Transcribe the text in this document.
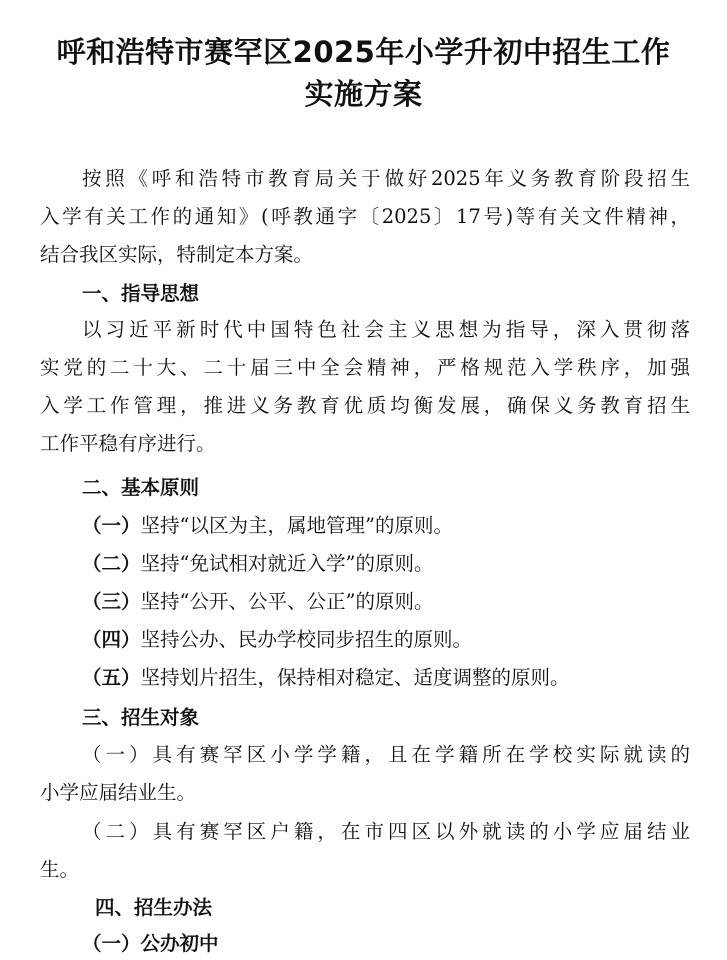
呼和浩特市赛罕区2025年小学升初中招生工作
实施方案
按照《呼和浩特市教育局关于做好2025年义务教育阶段招生
入学有关工作的通知》(呼教通字〔2025〕17号)等有关文件精神，
结合我区实际，特制定本方案。
一、指导思想
以习近平新时代中国特色社会主义思想为指导，深入贯彻落
实党的二十大、二十届三中全会精神，严格规范入学秩序，加强
入学工作管理，推进义务教育优质均衡发展，确保义务教育招生
工作平稳有序进行。
二、基本原则
（一）坚持“以区为主，属地管理”的原则。
（二）坚持“免试相对就近入学”的原则。
（三）坚持“公开、公平、公正”的原则。
（四）坚持公办、民办学校同步招生的原则。
（五）坚持划片招生，保持相对稳定、适度调整的原则。
三、招生对象
（一）具有赛罕区小学学籍，且在学籍所在学校实际就读的
小学应届结业生。
（二）具有赛罕区户籍，在市四区以外就读的小学应届结业
生。
四、招生办法
（一）公办初中
